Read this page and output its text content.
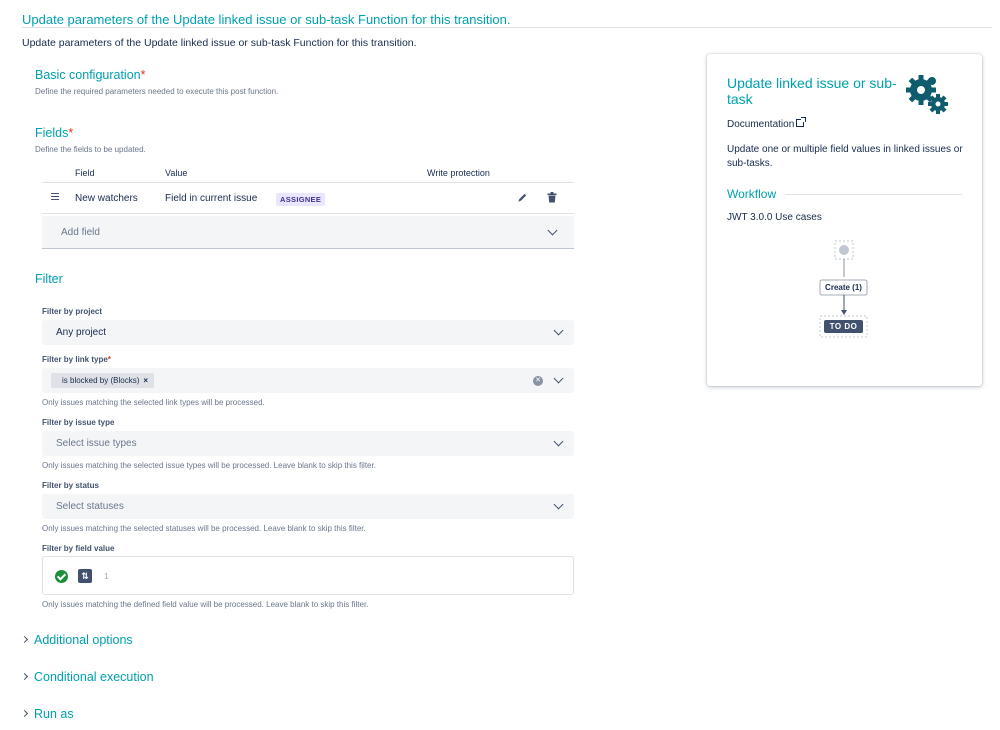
Update parameters of the Update linked issue or sub-task Function for this transition.
Update parameters of the Update linked issue or sub-task Function for this transition.
Basic configuration*
Define the required parameters needed to execute this post function.
Fields*
Define the fields to be updated.
Field	Value	Write protection
New watchers	Field in current issue	ASSIGNEE
Add field
Filter
Filter by project
Any project
Filter by link type*
is blocked by (Blocks) ×	✕
Only issues matching the selected link types will be processed.
Filter by issue type
Select issue types
Only issues matching the selected issue types will be processed. Leave blank to skip this filter.
Filter by status
Select statuses
Only issues matching the selected statuses will be processed. Leave blank to skip this filter.
Filter by field value
⇅	1
Only issues matching the defined field value will be processed. Leave blank to skip this filter.
Additional options
Conditional execution
Run as
Update linked issue or sub-task
Documentation
Update one or multiple field values in linked issues or sub-tasks.
Workflow
JWT 3.0.0 Use cases
Create (1)
TO DO
